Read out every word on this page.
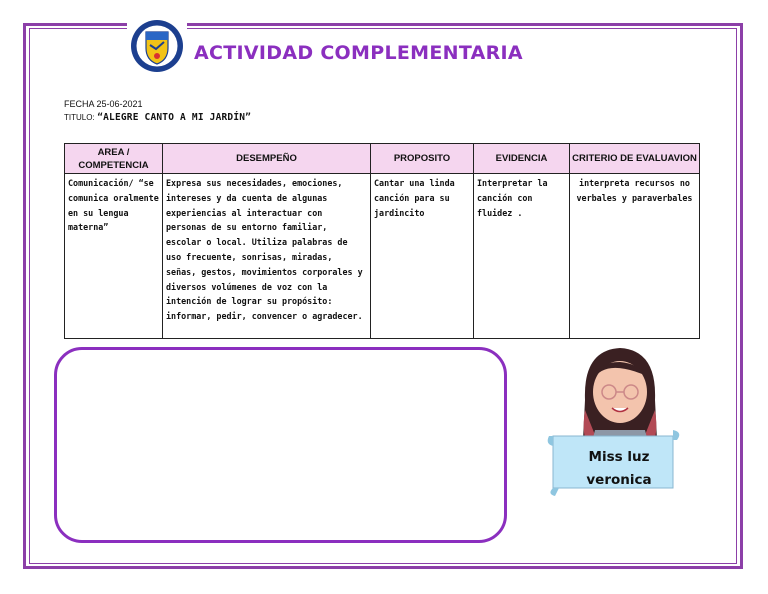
ACTIVIDAD COMPLEMENTARIA
FECHA 25-06-2021
TITULO: “ALEGRE CANTO A MI JARDÍN”
AREA / COMPETENCIA	DESEMPEÑO	PROPOSITO	EVIDENCIA	CRITERIO DE EVALUAVION
Comunicación/ “se comunica oralmente en su lengua materna”	Expresa sus necesidades, emociones, intereses y da cuenta de algunas experiencias al interactuar con personas de su entorno familiar, escolar o local. Utiliza palabras de uso frecuente, sonrisas, miradas, señas, gestos, movimientos corporales y diversos volúmenes de voz con la intención de lograr su propósito: informar, pedir, convencer o agradecer.	Cantar una linda canción para su jardincito	Interpretar la canción con fluidez .	interpreta recursos no verbales y paraverbales
Miss luz
veronica
